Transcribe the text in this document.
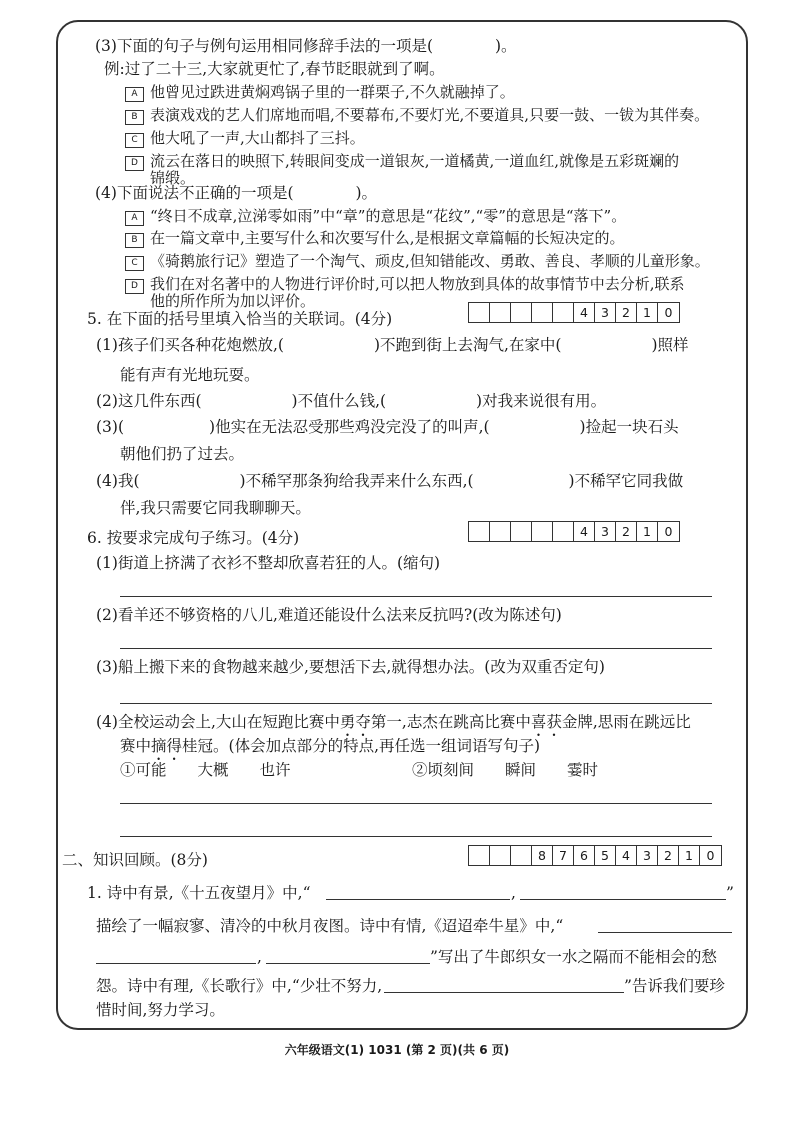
(3)下面的句子与例句运用相同修辞手法的一项是(　　　　)。
例:过了二十三,大家就更忙了,春节眨眼就到了啊。
A 他曾见过跌进黄焖鸡锅子里的一群栗子,不久就融掉了。
B 表演戏戏的艺人们席地而唱,不要幕布,不要灯光,不要道具,只要一鼓、一钹为其伴奏。
C 他大吼了一声,大山都抖了三抖。
D 流云在落日的映照下,转眼间变成一道银灰,一道橘黄,一道血红,就像是五彩斑斓的
锦缎。
(4)下面说法不正确的一项是(　　　　)。
A “终日不成章,泣涕零如雨”中“章”的意思是“花纹”,“零”的意思是“落下”。
B 在一篇文章中,主要写什么和次要写什么,是根据文章篇幅的长短决定的。
C 《骑鹅旅行记》塑造了一个淘气、顽皮,但知错能改、勇敢、善良、孝顺的儿童形象。
D 我们在对名著中的人物进行评价时,可以把人物放到具体的故事情节中去分析,联系
他的所作所为加以评价。
5. 在下面的括号里填入恰当的关联词。(4分)	4	3	2	1	0
(1)孩子们买各种花炮燃放,(	)不跑到街上去淘气,在家中(	)照样
能有声有光地玩耍。
(2)这几件东西(	)不值什么钱,(	)对我来说很有用。
(3)(	)他实在无法忍受那些鸡没完没了的叫声,(	)捡起一块石头
朝他们扔了过去。
(4)我(	)不稀罕那条狗给我弄来什么东西,(	)不稀罕它同我做
伴,我只需要它同我聊聊天。
6. 按要求完成句子练习。(4分)	4	3	2	1	0
(1)街道上挤满了衣衫不整却欣喜若狂的人。(缩句)
(2)看羊还不够资格的八儿,难道还能设什么法来反抗吗?(改为陈述句)
(3)船上搬下来的食物越来越少,要想活下去,就得想办法。(改为双重否定句)
(4)全校运动会上,大山在短跑比赛中勇夺第一,志杰在跳高比赛中喜获金牌,思雨在跳远比
赛中摘得桂冠。(体会加点部分的特点,再任选一组词语写句子)
①可能　　大概　　也许	②顷刻间　　瞬间　　霎时
二、知识回顾。(8分)	8	7	6	5	4	3	2	1	0
1. 诗中有景,《十五夜望月》中,“	,	”
描绘了一幅寂寥、清冷的中秋月夜图。诗中有情,《迢迢牵牛星》中,“
,	”写出了牛郎织女一水之隔而不能相会的愁
怨。诗中有理,《长歌行》中,“少壮不努力,	”告诉我们要珍
惜时间,努力学习。
六年级语文(1) 1031 (第 2 页)(共 6 页)
